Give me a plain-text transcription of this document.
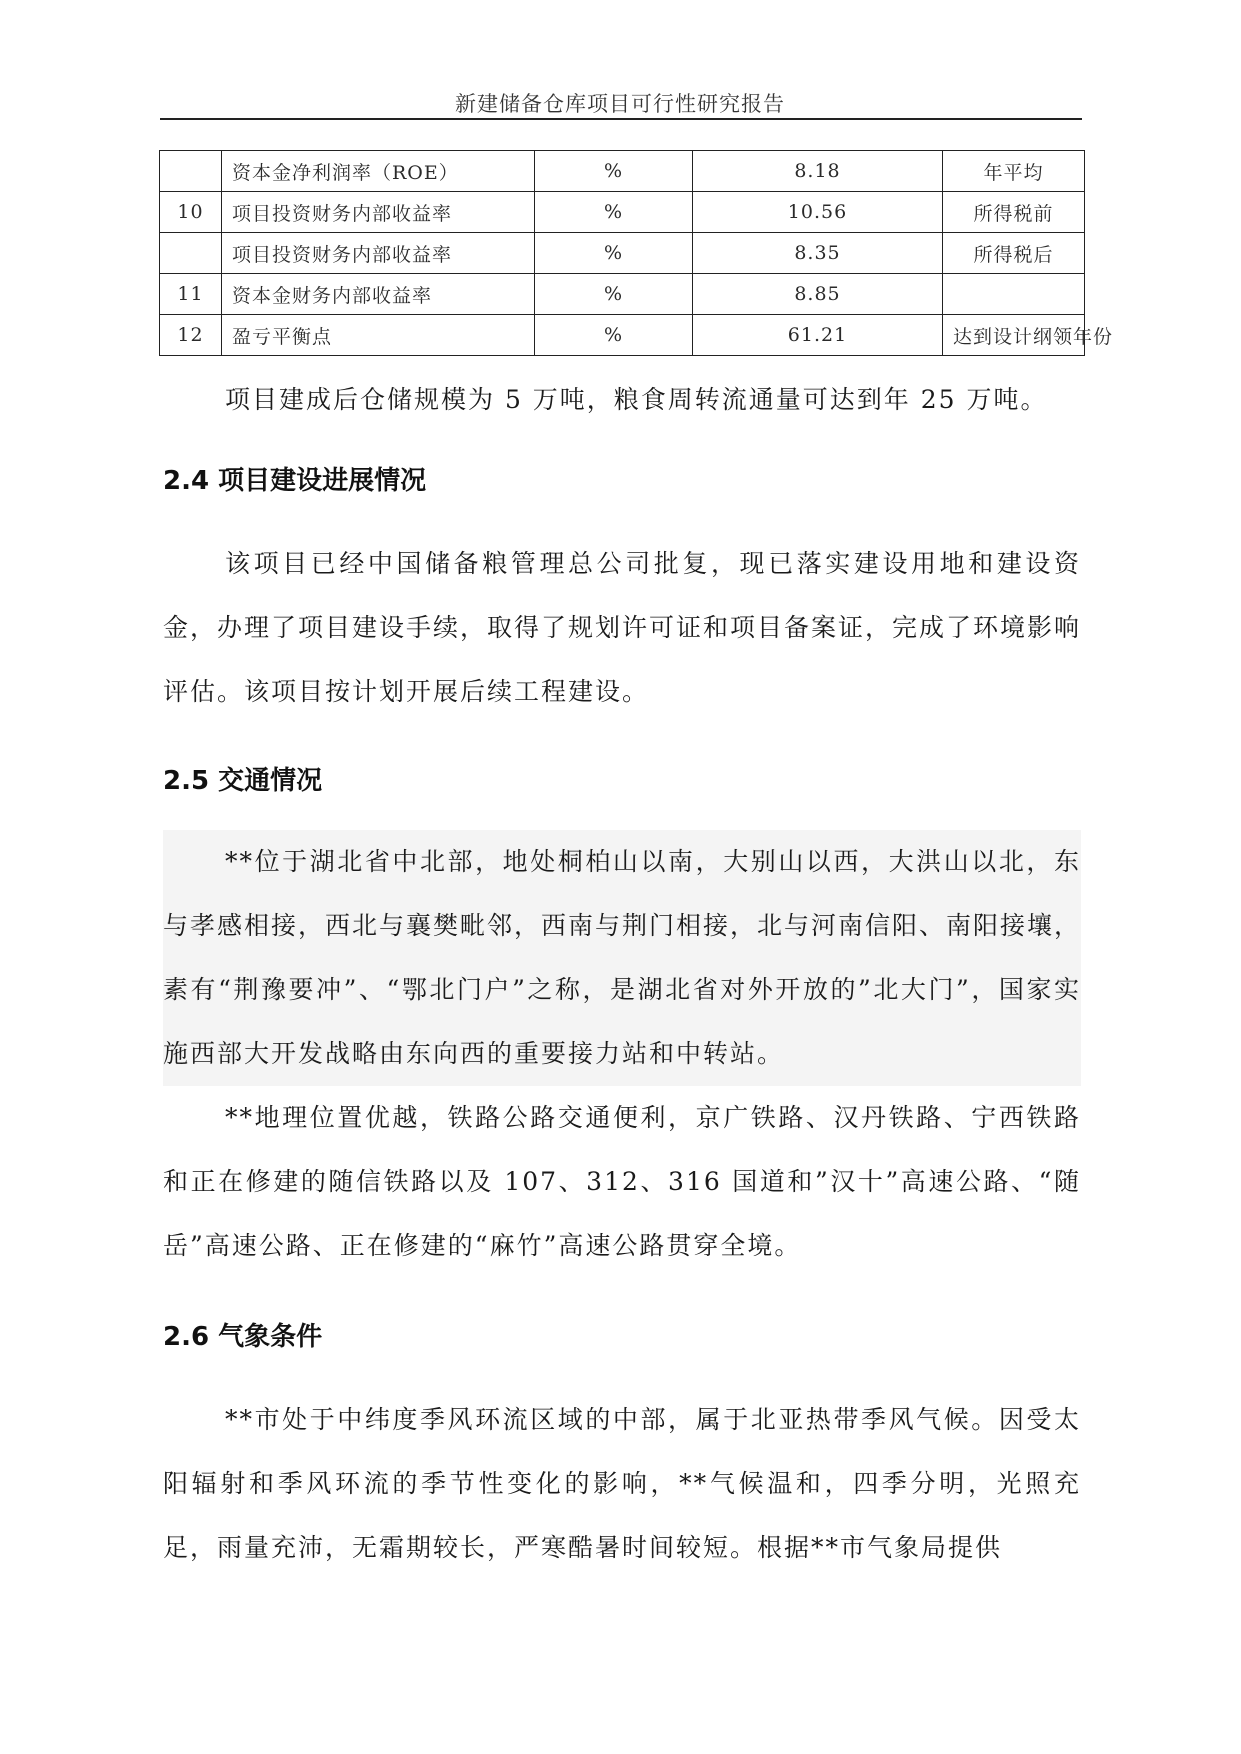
新建储备仓库项目可行性研究报告
	资本金净利润率（ROE）	%	8.18	年平均
10	项目投资财务内部收益率	%	10.56	所得税前
	项目投资财务内部收益率	%	8.35	所得税后
11	资本金财务内部收益率	%	8.85	
12	盈亏平衡点	%	61.21	达到设计纲领年份

项目建成后仓储规模为 5 万吨，粮食周转流通量可达到年 25 万吨。

2.4 项目建设进展情况

该项目已经中国储备粮管理总公司批复，现已落实建设用地和建设资金，办理了项目建设手续，取得了规划许可证和项目备案证，完成了环境影响评估。该项目按计划开展后续工程建设。

2.5 交通情况

**位于湖北省中北部，地处桐柏山以南，大别山以西，大洪山以北，东与孝感相接，西北与襄樊毗邻，西南与荆门相接，北与河南信阳、南阳接壤，素有“荆豫要冲”、“鄂北门户”之称，是湖北省对外开放的”北大门”，国家实施西部大开发战略由东向西的重要接力站和中转站。

**地理位置优越，铁路公路交通便利，京广铁路、汉丹铁路、宁西铁路和正在修建的随信铁路以及 107、312、316 国道和”汉十”高速公路、“随岳”高速公路、正在修建的“麻竹”高速公路贯穿全境。

2.6 气象条件

**市处于中纬度季风环流区域的中部，属于北亚热带季风气候。因受太阳辐射和季风环流的季节性变化的影响，**气候温和，四季分明，光照充足，雨量充沛，无霜期较长，严寒酷暑时间较短。根据**市气象局提供
